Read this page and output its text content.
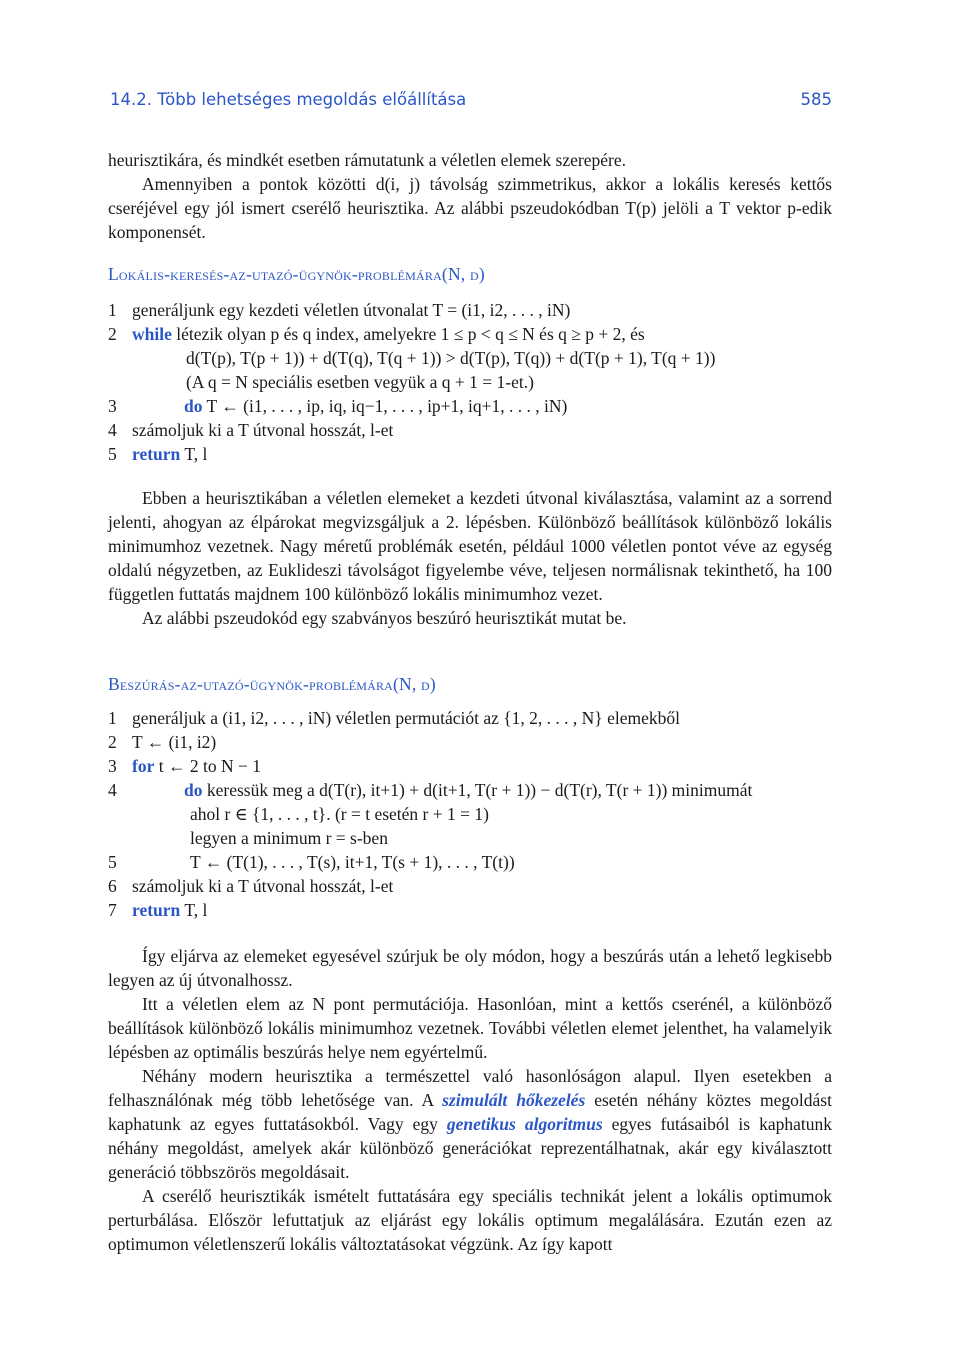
14.2. Több lehetséges megoldás előállítása	585

heurisztikára, és mindkét esetben rámutatunk a véletlen elemek szerepére.

Amennyiben a pontok közötti d(i, j) távolság szimmetrikus, akkor a lokális keresés kettős cseréjével egy jól ismert cserélő heurisztika. Az alábbi pszeudokódban T(p) jelöli a T vektor p-edik komponensét.

Lokális-keresés-az-utazó-ügynök-problémára(N, d)
1 generáljunk egy kezdeti véletlen útvonalat T = (i1, i2, . . . , iN)
2 while létezik olyan p és q index, amelyekre 1 ≤ p < q ≤ N és q ≥ p + 2, és
d(T(p), T(p + 1)) + d(T(q), T(q + 1)) > d(T(p), T(q)) + d(T(p + 1), T(q + 1))
(A q = N speciális esetben vegyük a q + 1 = 1-et.)
3	do T ← (i1, . . . , ip, iq, iq−1, . . . , ip+1, iq+1, . . . , iN)
4 számoljuk ki a T útvonal hosszát, l-et
5 return T, l

Ebben a heurisztikában a véletlen elemeket a kezdeti útvonal kiválasztása, valamint az a sorrend jelenti, ahogyan az élpárokat megvizsgáljuk a 2. lépésben. Különböző beállítások különböző lokális minimumhoz vezetnek. Nagy méretű problémák esetén, például 1000 véletlen pontot véve az egység oldalú négyzetben, az Euklideszi távolságot figyelembe véve, teljesen normálisnak tekinthető, ha 100 független futtatás majdnem 100 különböző lokális minimumhoz vezet.

Az alábbi pszeudokód egy szabványos beszúró heurisztikát mutat be.

Beszúrás-az-utazó-ügynök-problémára(N, d)
1 generáljuk a (i1, i2, . . . , iN) véletlen permutációt az {1, 2, . . . , N} elemekből
2 T ← (i1, i2)
3 for t ← 2 to N − 1
4	do keressük meg a d(T(r), it+1) + d(it+1, T(r + 1)) − d(T(r), T(r + 1)) minimumát
ahol r ∈ {1, . . . , t}. (r = t esetén r + 1 = 1)
legyen a minimum r = s-ben
5	T ← (T(1), . . . , T(s), it+1, T(s + 1), . . . , T(t))
6 számoljuk ki a T útvonal hosszát, l-et
7 return T, l

Így eljárva az elemeket egyesével szúrjuk be oly módon, hogy a beszúrás után a lehető legkisebb legyen az új útvonalhossz.

Itt a véletlen elem az N pont permutációja. Hasonlóan, mint a kettős cserénél, a különböző beállítások különböző lokális minimumhoz vezetnek. További véletlen elemet jelenthet, ha valamelyik lépésben az optimális beszúrás helye nem egyértelmű.

Néhány modern heurisztika a természettel való hasonlóságon alapul. Ilyen esetekben a felhasználónak még több lehetősége van. A szimulált hőkezelés esetén néhány köztes megoldást kaphatunk az egyes futtatásokból. Vagy egy genetikus algoritmus egyes futásaiból is kaphatunk néhány megoldást, amelyek akár különböző generációkat reprezentálhatnak, akár egy kiválasztott generáció többszörös megoldásait.

A cserélő heurisztikák ismételt futtatására egy speciális technikát jelent a lokális optimumok perturbálása. Először lefuttatjuk az eljárást egy lokális optimum megalálására. Ezután ezen az optimumon véletlenszerű lokális változtatásokat végzünk. Az így kapott
